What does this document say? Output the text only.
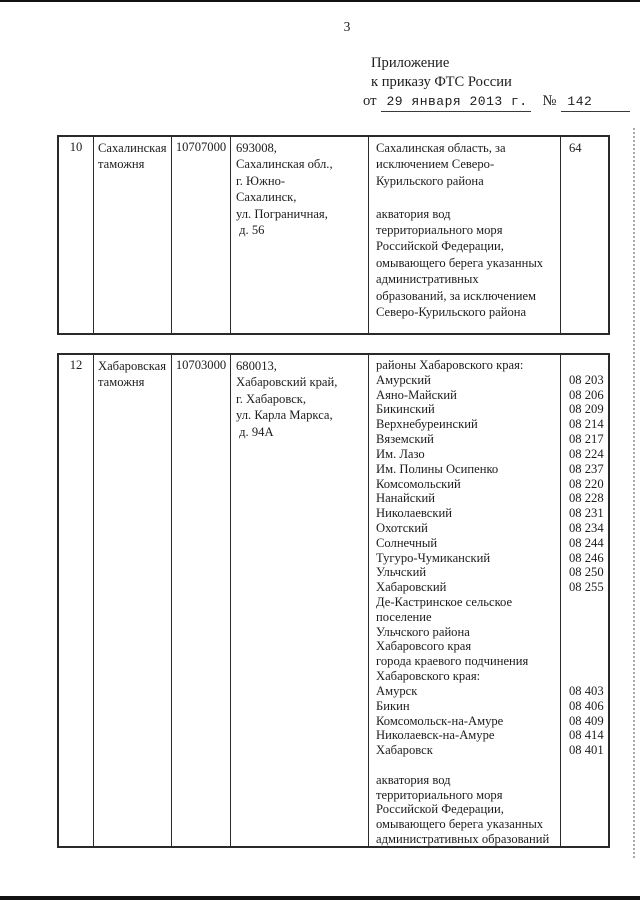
3
Приложение
к приказу ФТС России
от 29 января 2013 г. № 142
10	Сахалинская
таможня
10707000 693008,
Сахалинская обл.,
г. Южно-
Сахалинск,
ул. Пограничная,
д. 56
Сахалинская область, за
исключением Северо-
Курильского района
акватория вод
территориального моря
Российской Федерации,
омывающего берега указанных
административных
образований, за исключением
Северо-Курильского района
64
12	Хабаровская
таможня
10703000 680013,
Хабаровский край,
г. Хабаровск,
ул. Карла Маркса,
д. 94А
районы Хабаровского края:
Амурский
Аяно-Майский
Бикинский
Верхнебуреинский
Вяземский
Им. Лазо
Им. Полины Осипенко
Комсомольский
Нанайский
Николаевский
Охотский
Солнечный
Тугуро-Чумиканский
Ульчский
Хабаровский
Де-Кастринское сельское
поселение
Ульчского района
Хабаровсого края
города краевого подчинения
Хабаровского края:
Амурск
Бикин
Комсомольск-на-Амуре
Николаевск-на-Амуре
Хабаровск
акватория вод
территориального моря
Российской Федерации,
омывающего берега указанных
административных образований
08 203
08 206
08 209
08 214
08 217
08 224
08 237
08 220
08 228
08 231
08 234
08 244
08 246
08 250
08 255
08 403
08 406
08 409
08 414
08 401
